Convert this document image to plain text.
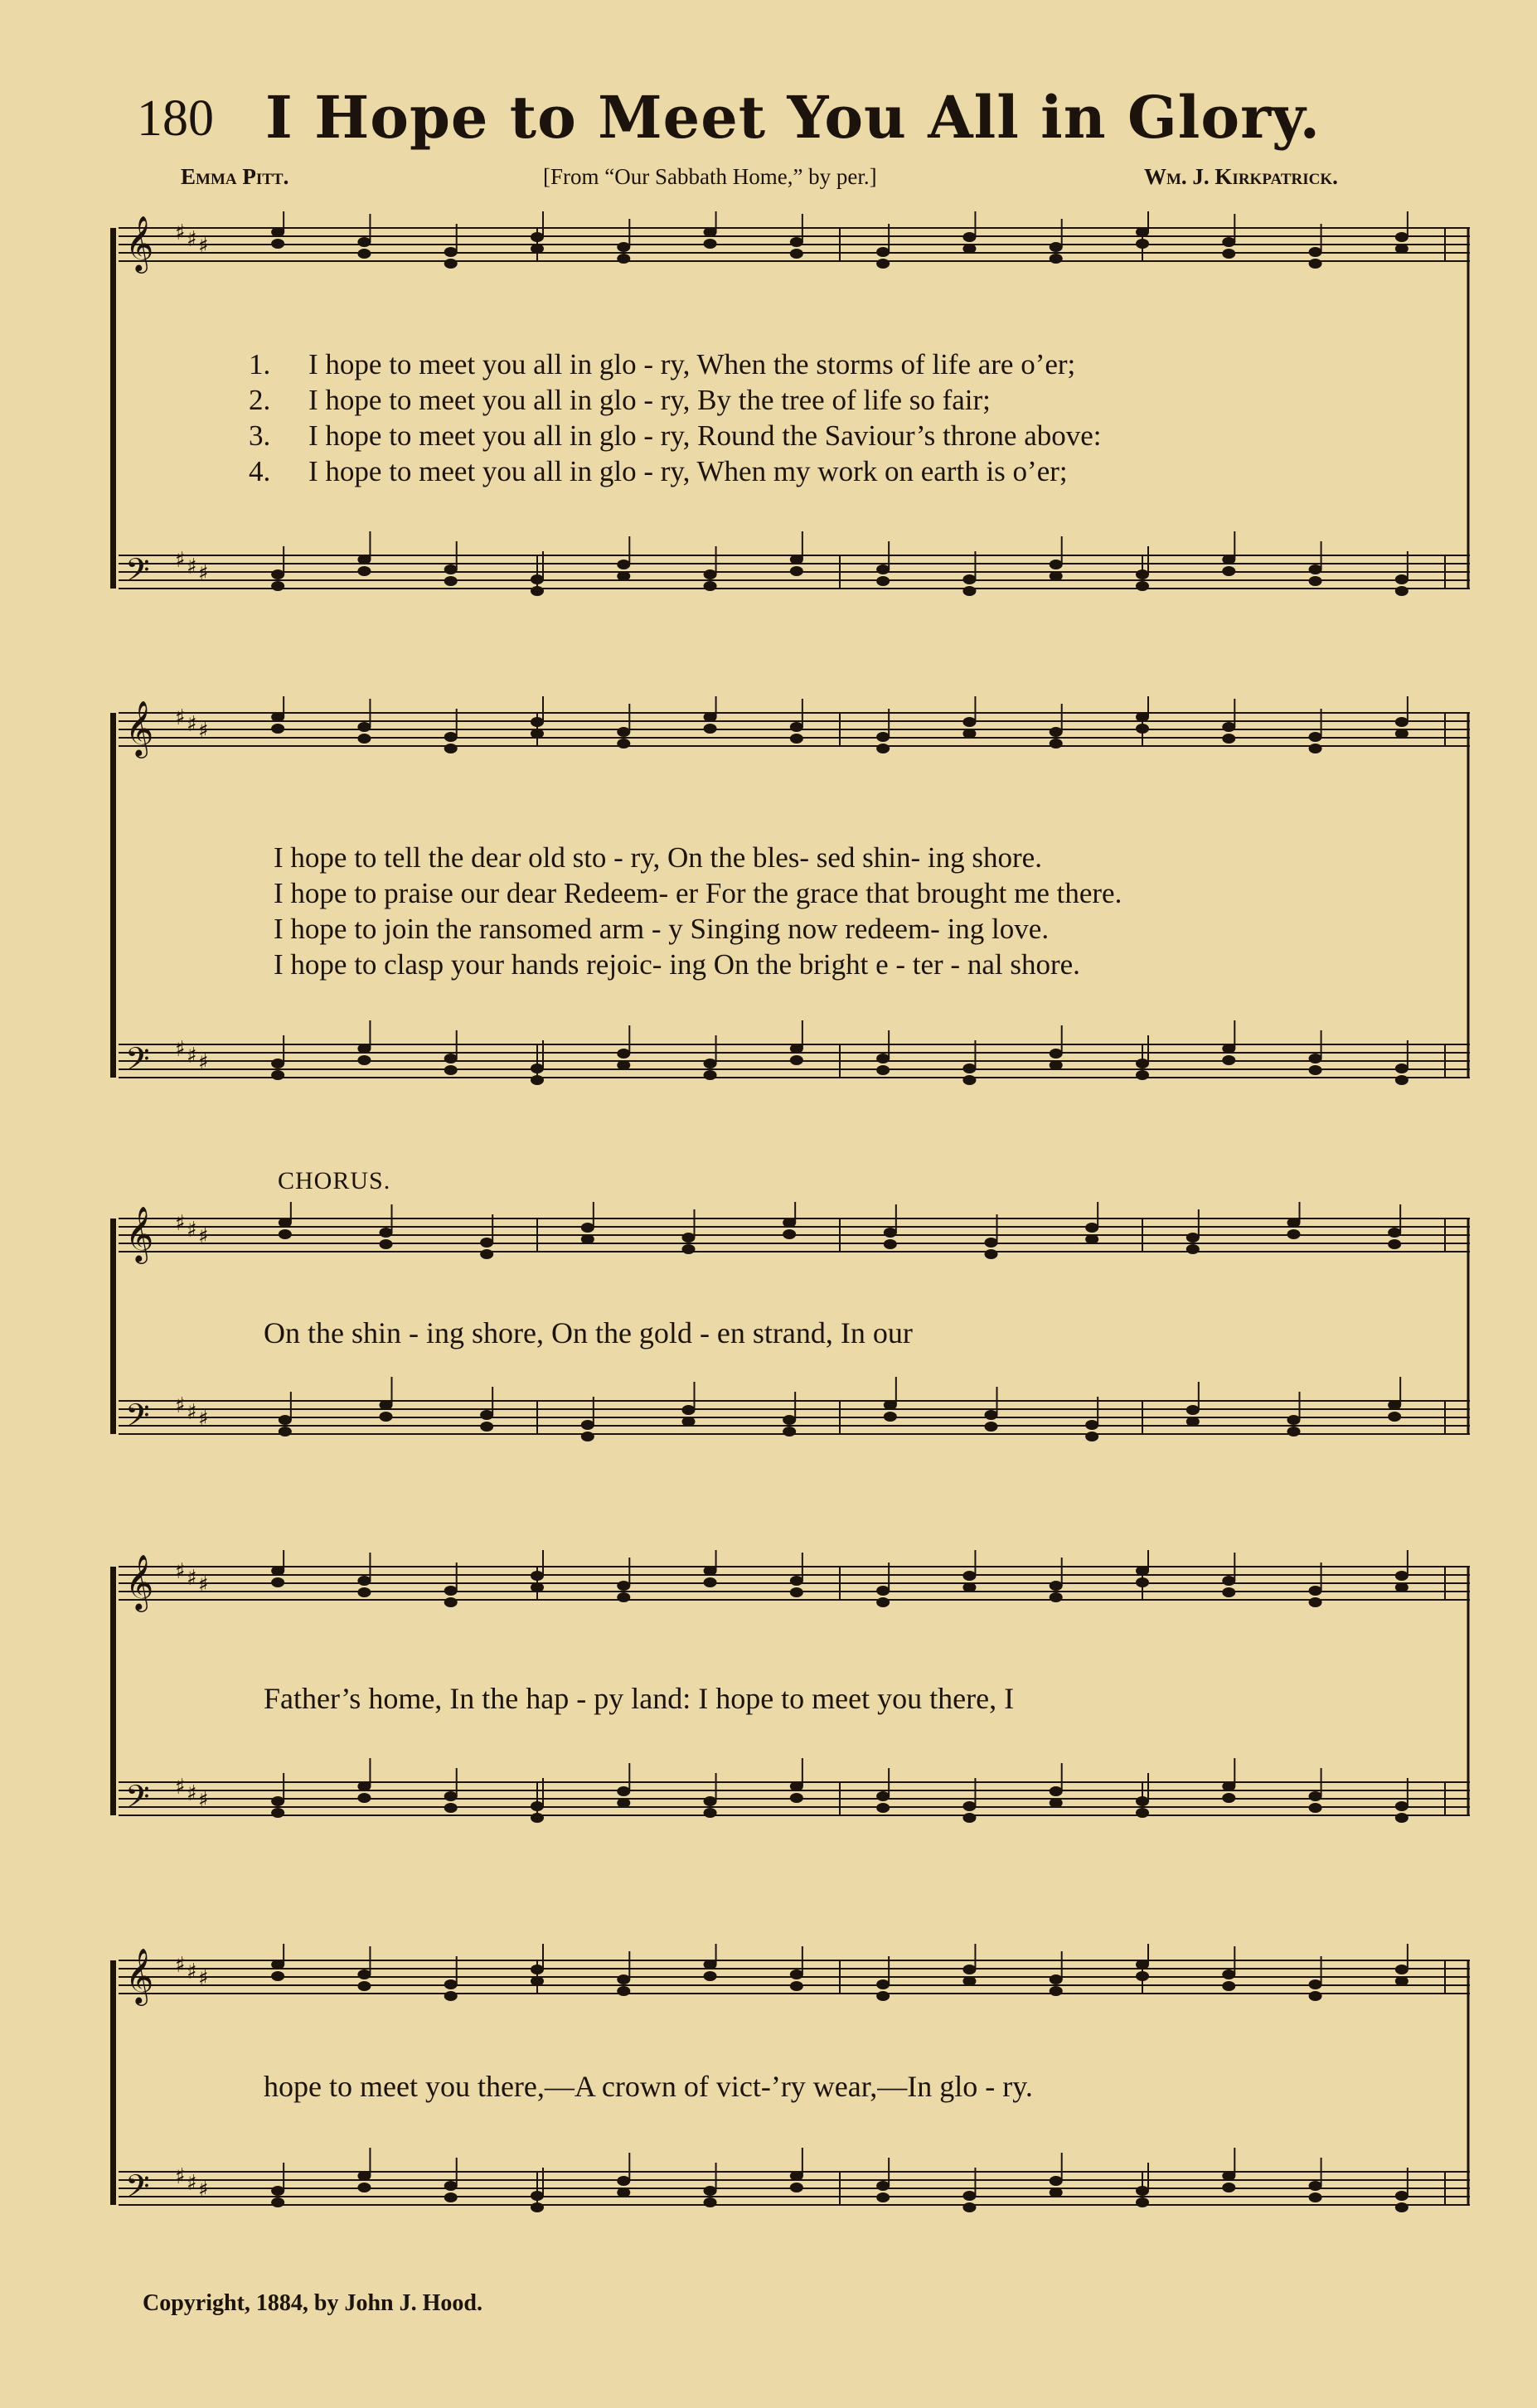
180 I Hope to Meet You All in Glory.
Emma Pitt.	[From “Our Sabbath Home,” by per.]	Wm. J. Kirkpatrick.
𝄞 ♯ ♯ ♯
𝄢 ♯ ♯ ♯
1. I hope to meet you all in glo - ry, When the storms of life are o’er;
2. I hope to meet you all in glo - ry, By the tree of life so fair;
3. I hope to meet you all in glo - ry, Round the Saviour’s throne above:
4. I hope to meet you all in glo - ry, When my work on earth is o’er;
𝄞 ♯ ♯ ♯
𝄢 ♯ ♯ ♯
I hope to tell the dear old sto - ry, On the bles- sed shin- ing shore.
I hope to praise our dear Redeem- er For the grace that brought me there.
I hope to join the ransomed arm - y Singing now redeem- ing love.
I hope to clasp your hands rejoic- ing On the bright e - ter - nal shore.
CHORUS.
𝄞 ♯ ♯ ♯
𝄢 ♯ ♯ ♯
On the shin - ing shore, On the gold - en strand, In our
𝄞 ♯ ♯ ♯
𝄢 ♯ ♯ ♯
Father’s home, In the hap - py land: I hope to meet you there, I
𝄞 ♯ ♯ ♯
𝄢 ♯ ♯ ♯
hope to meet you there,—A crown of vict-’ry wear,—In glo - ry.
Copyright, 1884, by John J. Hood.
